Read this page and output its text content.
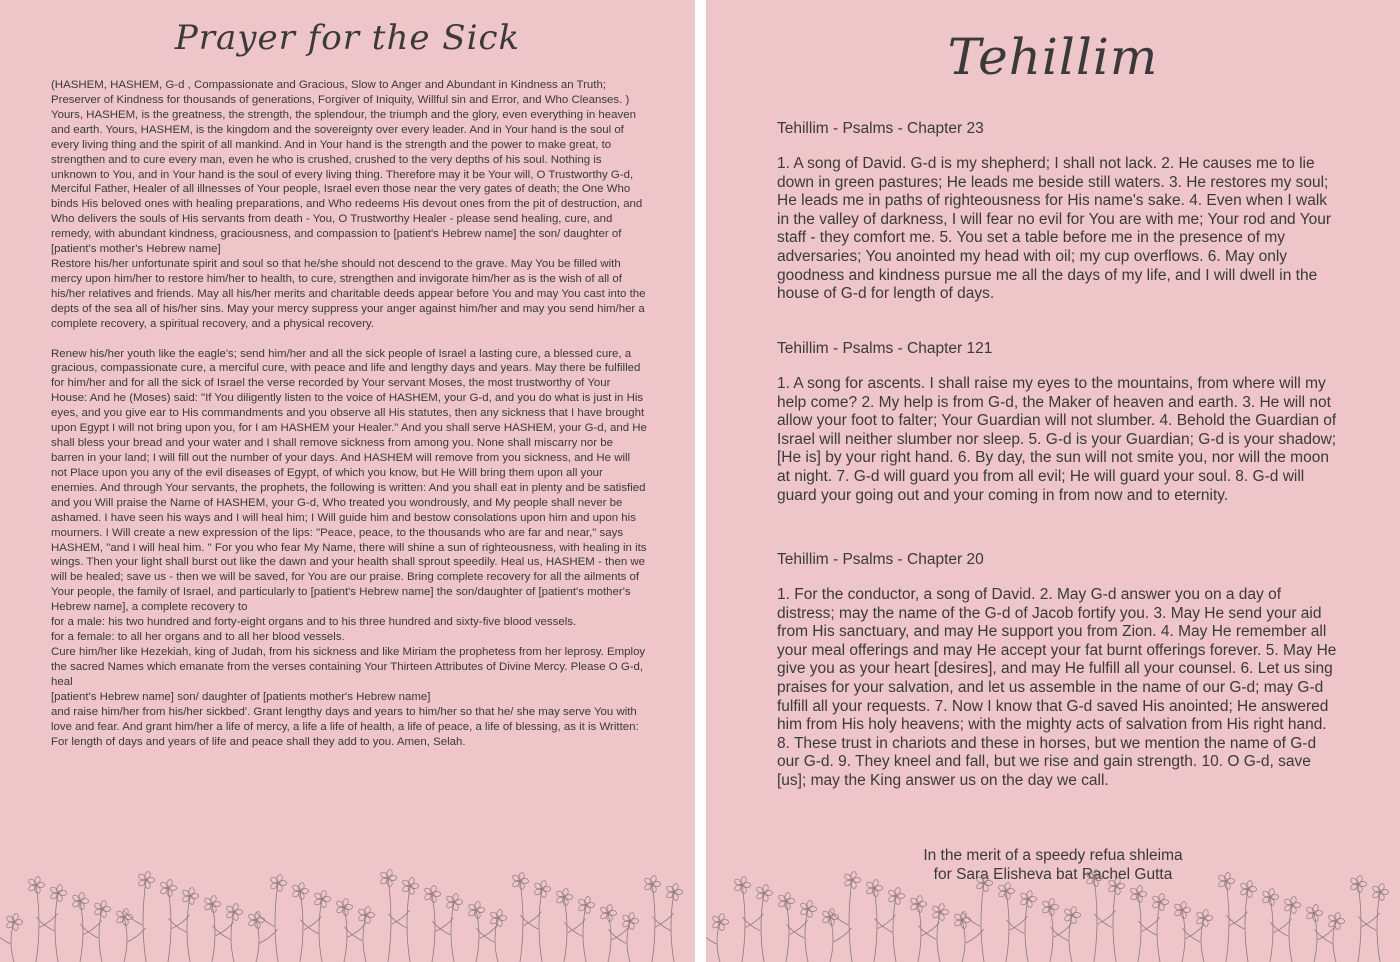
Prayer for the Sick

(HASHEM, HASHEM, G-d , Compassionate and Gracious, Slow to Anger and Abundant in Kindness an Truth; Preserver of Kindness for thousands of generations, Forgiver of Iniquity, Willful sin and Error, and Who Cleanses. )

Yours, HASHEM, is the greatness, the strength, the splendour, the triumph and the glory, even everything in heaven and earth. Yours, HASHEM, is the kingdom and the sovereignty over every leader. And in Your hand is the soul of every living thing and the spirit of all mankind. And in Your hand is the strength and the power to make great, to strengthen and to cure every man, even he who is crushed, crushed to the very depths of his soul. Nothing is unknown to You, and in Your hand is the soul of every living thing. Therefore may it be Your will, O Trustworthy G-d, Merciful Father, Healer of all illnesses of Your people, Israel even those near the very gates of death; the One Who binds His beloved ones with healing preparations, and Who redeems His devout ones from the pit of destruction, and Who delivers the souls of His servants from death - You, O Trustworthy Healer - please send healing, cure, and remedy, with abundant kindness, graciousness, and compassion to [patient's Hebrew name] the son/ daughter of [patient's mother's Hebrew name]

Restore his/her unfortunate spirit and soul so that he/she should not descend to the grave. May You be filled with mercy upon him/her to restore him/her to health, to cure, strengthen and invigorate him/her as is the wish of all of his/her relatives and friends. May all his/her merits and charitable deeds appear before You and may You cast into the depts of the sea all of his/her sins. May your mercy suppress your anger against him/her and may you send him/her a complete recovery, a spiritual recovery, and a physical recovery.

Renew his/her youth like the eagle's; send him/her and all the sick people of Israel a lasting cure, a blessed cure, a gracious, compassionate cure, a merciful cure, with peace and life and lengthy days and years. May there be fulfilled for him/her and for all the sick of Israel the verse recorded by Your servant Moses, the most trustworthy of Your House: And he (Moses) said: "If You diligently listen to the voice of HASHEM, your G-d, and you do what is just in His eyes, and you give ear to His commandments and you observe all His statutes, then any sickness that I have brought upon Egypt I will not bring upon you, for I am HASHEM your Healer." And you shall serve HASHEM, your G-d, and He shall bless your bread and your water and I shall remove sickness from among you. None shall miscarry nor be barren in your land; I will fill out the number of your days. And HASHEM will remove from you sickness, and He will not Place upon you any of the evil diseases of Egypt, of which you know, but He Will bring them upon all your enemies. And through Your servants, the prophets, the following is written: And you shall eat in plenty and be satisfied and you Will praise the Name of HASHEM, your G-d, Who treated you wondrously, and My people shall never be ashamed. I have seen his ways and I will heal him; I Will guide him and bestow consolations upon him and upon his mourners. I Will create a new expression of the lips: "Peace, peace, to the thousands who are far and near," says HASHEM, "and I will heal him. " For you who fear My Name, there will shine a sun of righteousness, with healing in its wings. Then your light shall burst out like the dawn and your health shall sprout speedily. Heal us, HASHEM - then we will be healed; save us - then we will be saved, for You are our praise. Bring complete recovery for all the ailments of Your people, the family of Israel, and particularly to [patient's Hebrew name] the son/daughter of [patient's mother's Hebrew name], a complete recovery to

for a male: his two hundred and forty-eight organs and to his three hundred and sixty-five blood vessels.

for a female: to all her organs and to all her blood vessels.

Cure him/her like Hezekiah, king of Judah, from his sickness and like Miriam the prophetess from her leprosy. Employ the sacred Names which emanate from the verses containing Your Thirteen Attributes of Divine Mercy. Please O G-d, heal

[patient's Hebrew name] son/ daughter of [patients mother's Hebrew name]

and raise him/her from his/her sickbed'. Grant lengthy days and years to him/her so that he/ she may serve You with love and fear. And grant him/her a life of mercy, a life a life of health, a life of peace, a life of blessing, as it is Written: For length of days and years of life and peace shall they add to you. Amen, Selah.

Tehillim
Tehillim - Psalms - Chapter 23

1. A song of David. G-d is my shepherd; I shall not lack. 2. He causes me to lie down in green pastures; He leads me beside still waters. 3. He restores my soul; He leads me in paths of righteousness for His name's sake. 4. Even when I walk in the valley of darkness, I will fear no evil for You are with me; Your rod and Your staff - they comfort me. 5. You set a table before me in the presence of my adversaries; You anointed my head with oil; my cup overflows. 6. May only goodness and kindness pursue me all the days of my life, and I will dwell in the house of G-d for length of days.

Tehillim - Psalms - Chapter 121

1. A song for ascents. I shall raise my eyes to the mountains, from where will my help come? 2. My help is from G-d, the Maker of heaven and earth. 3. He will not allow your foot to falter; Your Guardian will not slumber. 4. Behold the Guardian of Israel will neither slumber nor sleep. 5. G-d is your Guardian; G-d is your shadow; [He is] by your right hand. 6. By day, the sun will not smite you, nor will the moon at night. 7. G-d will guard you from all evil; He will guard your soul. 8. G-d will guard your going out and your coming in from now and to eternity.

Tehillim - Psalms - Chapter 20

1. For the conductor, a song of David. 2. May G-d answer you on a day of distress; may the name of the G-d of Jacob fortify you. 3. May He send your aid from His sanctuary, and may He support you from Zion. 4. May He remember all your meal offerings and may He accept your fat burnt offerings forever. 5. May He give you as your heart [desires], and may He fulfill all your counsel. 6. Let us sing praises for your salvation, and let us assemble in the name of our G-d; may G-d fulfill all your requests. 7. Now I know that G-d saved His anointed; He answered him from His holy heavens; with the mighty acts of salvation from His right hand. 8. These trust in chariots and these in horses, but we mention the name of G-d our G-d. 9. They kneel and fall, but we rise and gain strength. 10. O G-d, save [us]; may the King answer us on the day we call.

In the merit of a speedy refua shleima

for Sara Elisheva bat Rachel Gutta
